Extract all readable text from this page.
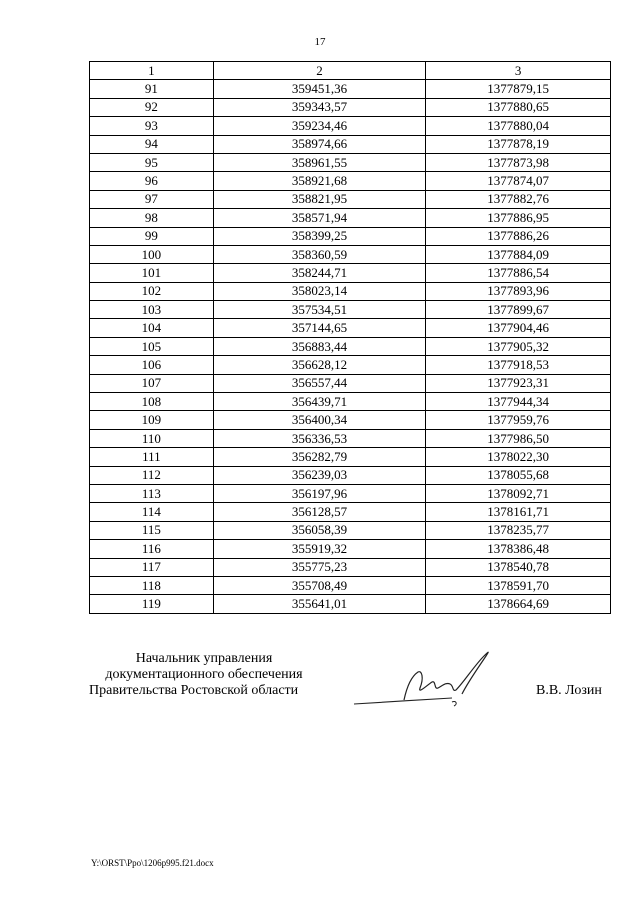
17
1	2	3
91	359451,36	1377879,15
92	359343,57	1377880,65
93	359234,46	1377880,04
94	358974,66	1377878,19
95	358961,55	1377873,98
96	358921,68	1377874,07
97	358821,95	1377882,76
98	358571,94	1377886,95
99	358399,25	1377886,26
100	358360,59	1377884,09
101	358244,71	1377886,54
102	358023,14	1377893,96
103	357534,51	1377899,67
104	357144,65	1377904,46
105	356883,44	1377905,32
106	356628,12	1377918,53
107	356557,44	1377923,31
108	356439,71	1377944,34
109	356400,34	1377959,76
110	356336,53	1377986,50
111	356282,79	1378022,30
112	356239,03	1378055,68
113	356197,96	1378092,71
114	356128,57	1378161,71
115	356058,39	1378235,77
116	355919,32	1378386,48
117	355775,23	1378540,78
118	355708,49	1378591,70
119	355641,01	1378664,69
Начальник управления
документационного обеспечения
Правительства Ростовской области	В.В. Лозин
Y:\ORST\Ppo\1206p995.f21.docx
